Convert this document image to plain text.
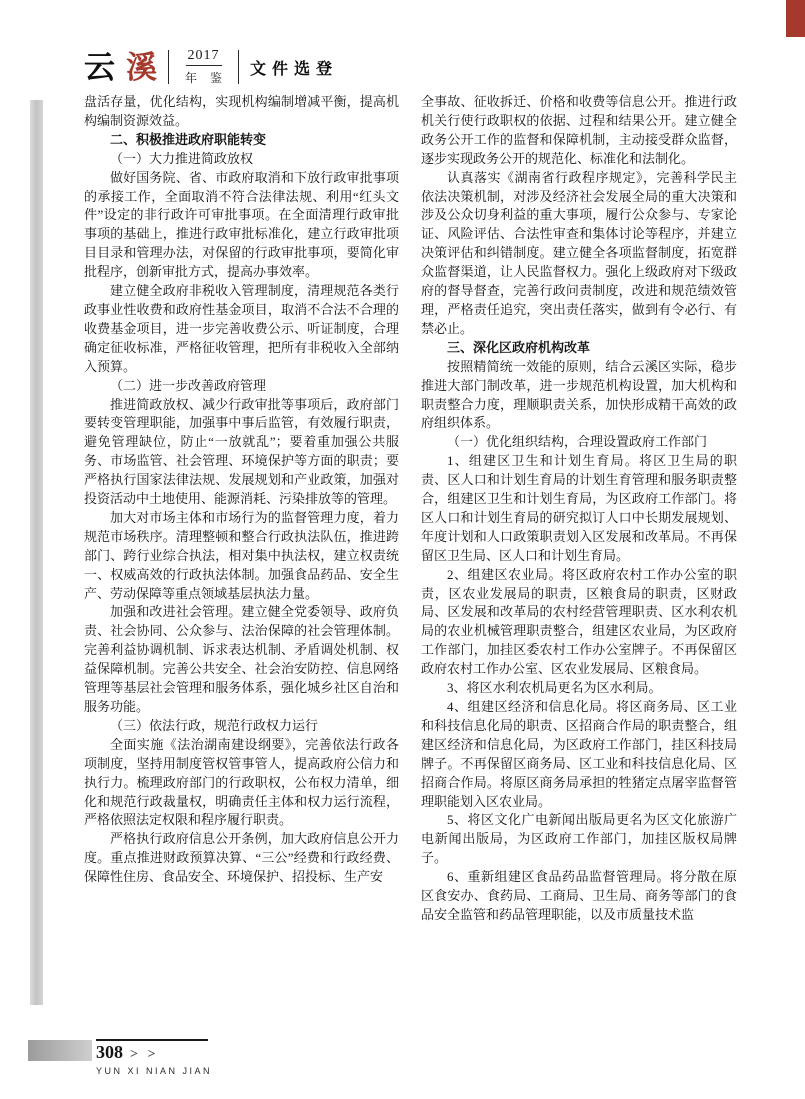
云 溪 2017
年 鉴
文件选登

盘活存量，优化结构，实现机构编制增减平衡，提高机构编制资源效益。

二、积极推进政府职能转变

（一）大力推进简政放权

做好国务院、省、市政府取消和下放行政审批事项的承接工作，全面取消不符合法律法规、利用“红头文件”设定的非行政许可审批事项。在全面清理行政审批事项的基础上，推进行政审批标准化，建立行政审批项目目录和管理办法，对保留的行政审批事项，要简化审批程序，创新审批方式，提高办事效率。

建立健全政府非税收入管理制度，清理规范各类行政事业性收费和政府性基金项目，取消不合法不合理的收费基金项目，进一步完善收费公示、听证制度，合理确定征收标准，严格征收管理，把所有非税收入全部纳入预算。

（二）进一步改善政府管理

推进简政放权、减少行政审批等事项后，政府部门要转变管理职能，加强事中事后监管，有效履行职责，避免管理缺位，防止“一放就乱”；要着重加强公共服务、市场监管、社会管理、环境保护等方面的职责；要严格执行国家法律法规、发展规划和产业政策，加强对投资活动中土地使用、能源消耗、污染排放等的管理。

加大对市场主体和市场行为的监督管理力度，着力规范市场秩序。清理整顿和整合行政执法队伍，推进跨部门、跨行业综合执法，相对集中执法权，建立权责统一、权威高效的行政执法体制。加强食品药品、安全生产、劳动保障等重点领域基层执法力量。

加强和改进社会管理。建立健全党委领导、政府负责、社会协同、公众参与、法治保障的社会管理体制。完善利益协调机制、诉求表达机制、矛盾调处机制、权益保障机制。完善公共安全、社会治安防控、信息网络管理等基层社会管理和服务体系，强化城乡社区自治和服务功能。

（三）依法行政，规范行政权力运行

全面实施《法治湖南建设纲要》，完善依法行政各项制度，坚持用制度管权管事管人，提高政府公信力和执行力。梳理政府部门的行政职权，公布权力清单，细化和规范行政裁量权，明确责任主体和权力运行流程，严格依照法定权限和程序履行职责。

严格执行政府信息公开条例，加大政府信息公开力度。重点推进财政预算决算、“三公”经费和行政经费、保障性住房、食品安全、环境保护、招投标、生产安

全事故、征收拆迁、价格和收费等信息公开。推进行政机关行使行政职权的依据、过程和结果公开。建立健全政务公开工作的监督和保障机制，主动接受群众监督，逐步实现政务公开的规范化、标准化和法制化。

认真落实《湖南省行政程序规定》，完善科学民主依法决策机制，对涉及经济社会发展全局的重大决策和涉及公众切身利益的重大事项，履行公众参与、专家论证、风险评估、合法性审查和集体讨论等程序，并建立决策评估和纠错制度。建立健全各项监督制度，拓宽群众监督渠道，让人民监督权力。强化上级政府对下级政府的督导督查，完善行政问责制度，改进和规范绩效管理，严格责任追究，突出责任落实，做到有令必行、有禁必止。

三、深化区政府机构改革

按照精简统一效能的原则，结合云溪区实际，稳步推进大部门制改革，进一步规范机构设置，加大机构和职责整合力度，理顺职责关系，加快形成精干高效的政府组织体系。

（一）优化组织结构，合理设置政府工作部门

1、组建区卫生和计划生育局。将区卫生局的职责、区人口和计划生育局的计划生育管理和服务职责整合，组建区卫生和计划生育局，为区政府工作部门。将区人口和计划生育局的研究拟订人口中长期发展规划、年度计划和人口政策职责划入区发展和改革局。不再保留区卫生局、区人口和计划生育局。

2、组建区农业局。将区政府农村工作办公室的职责，区农业发展局的职责，区粮食局的职责，区财政局、区发展和改革局的农村经营管理职责、区水利农机局的农业机械管理职责整合，组建区农业局，为区政府工作部门，加挂区委农村工作办公室牌子。不再保留区政府农村工作办公室、区农业发展局、区粮食局。

3、将区水利农机局更名为区水利局。

4、组建区经济和信息化局。将区商务局、区工业和科技信息化局的职责、区招商合作局的职责整合，组建区经济和信息化局，为区政府工作部门，挂区科技局牌子。不再保留区商务局、区工业和科技信息化局、区招商合作局。将原区商务局承担的牲猪定点屠宰监督管理职能划入区农业局。

5、将区文化广电新闻出版局更名为区文化旅游广电新闻出版局，为区政府工作部门，加挂区版权局牌子。

6、重新组建区食品药品监督管理局。将分散在原区食安办、食药局、工商局、卫生局、商务等部门的食品安全监管和药品管理职能，以及市质量技术监

308 > >
YUN XI NIAN JIAN
